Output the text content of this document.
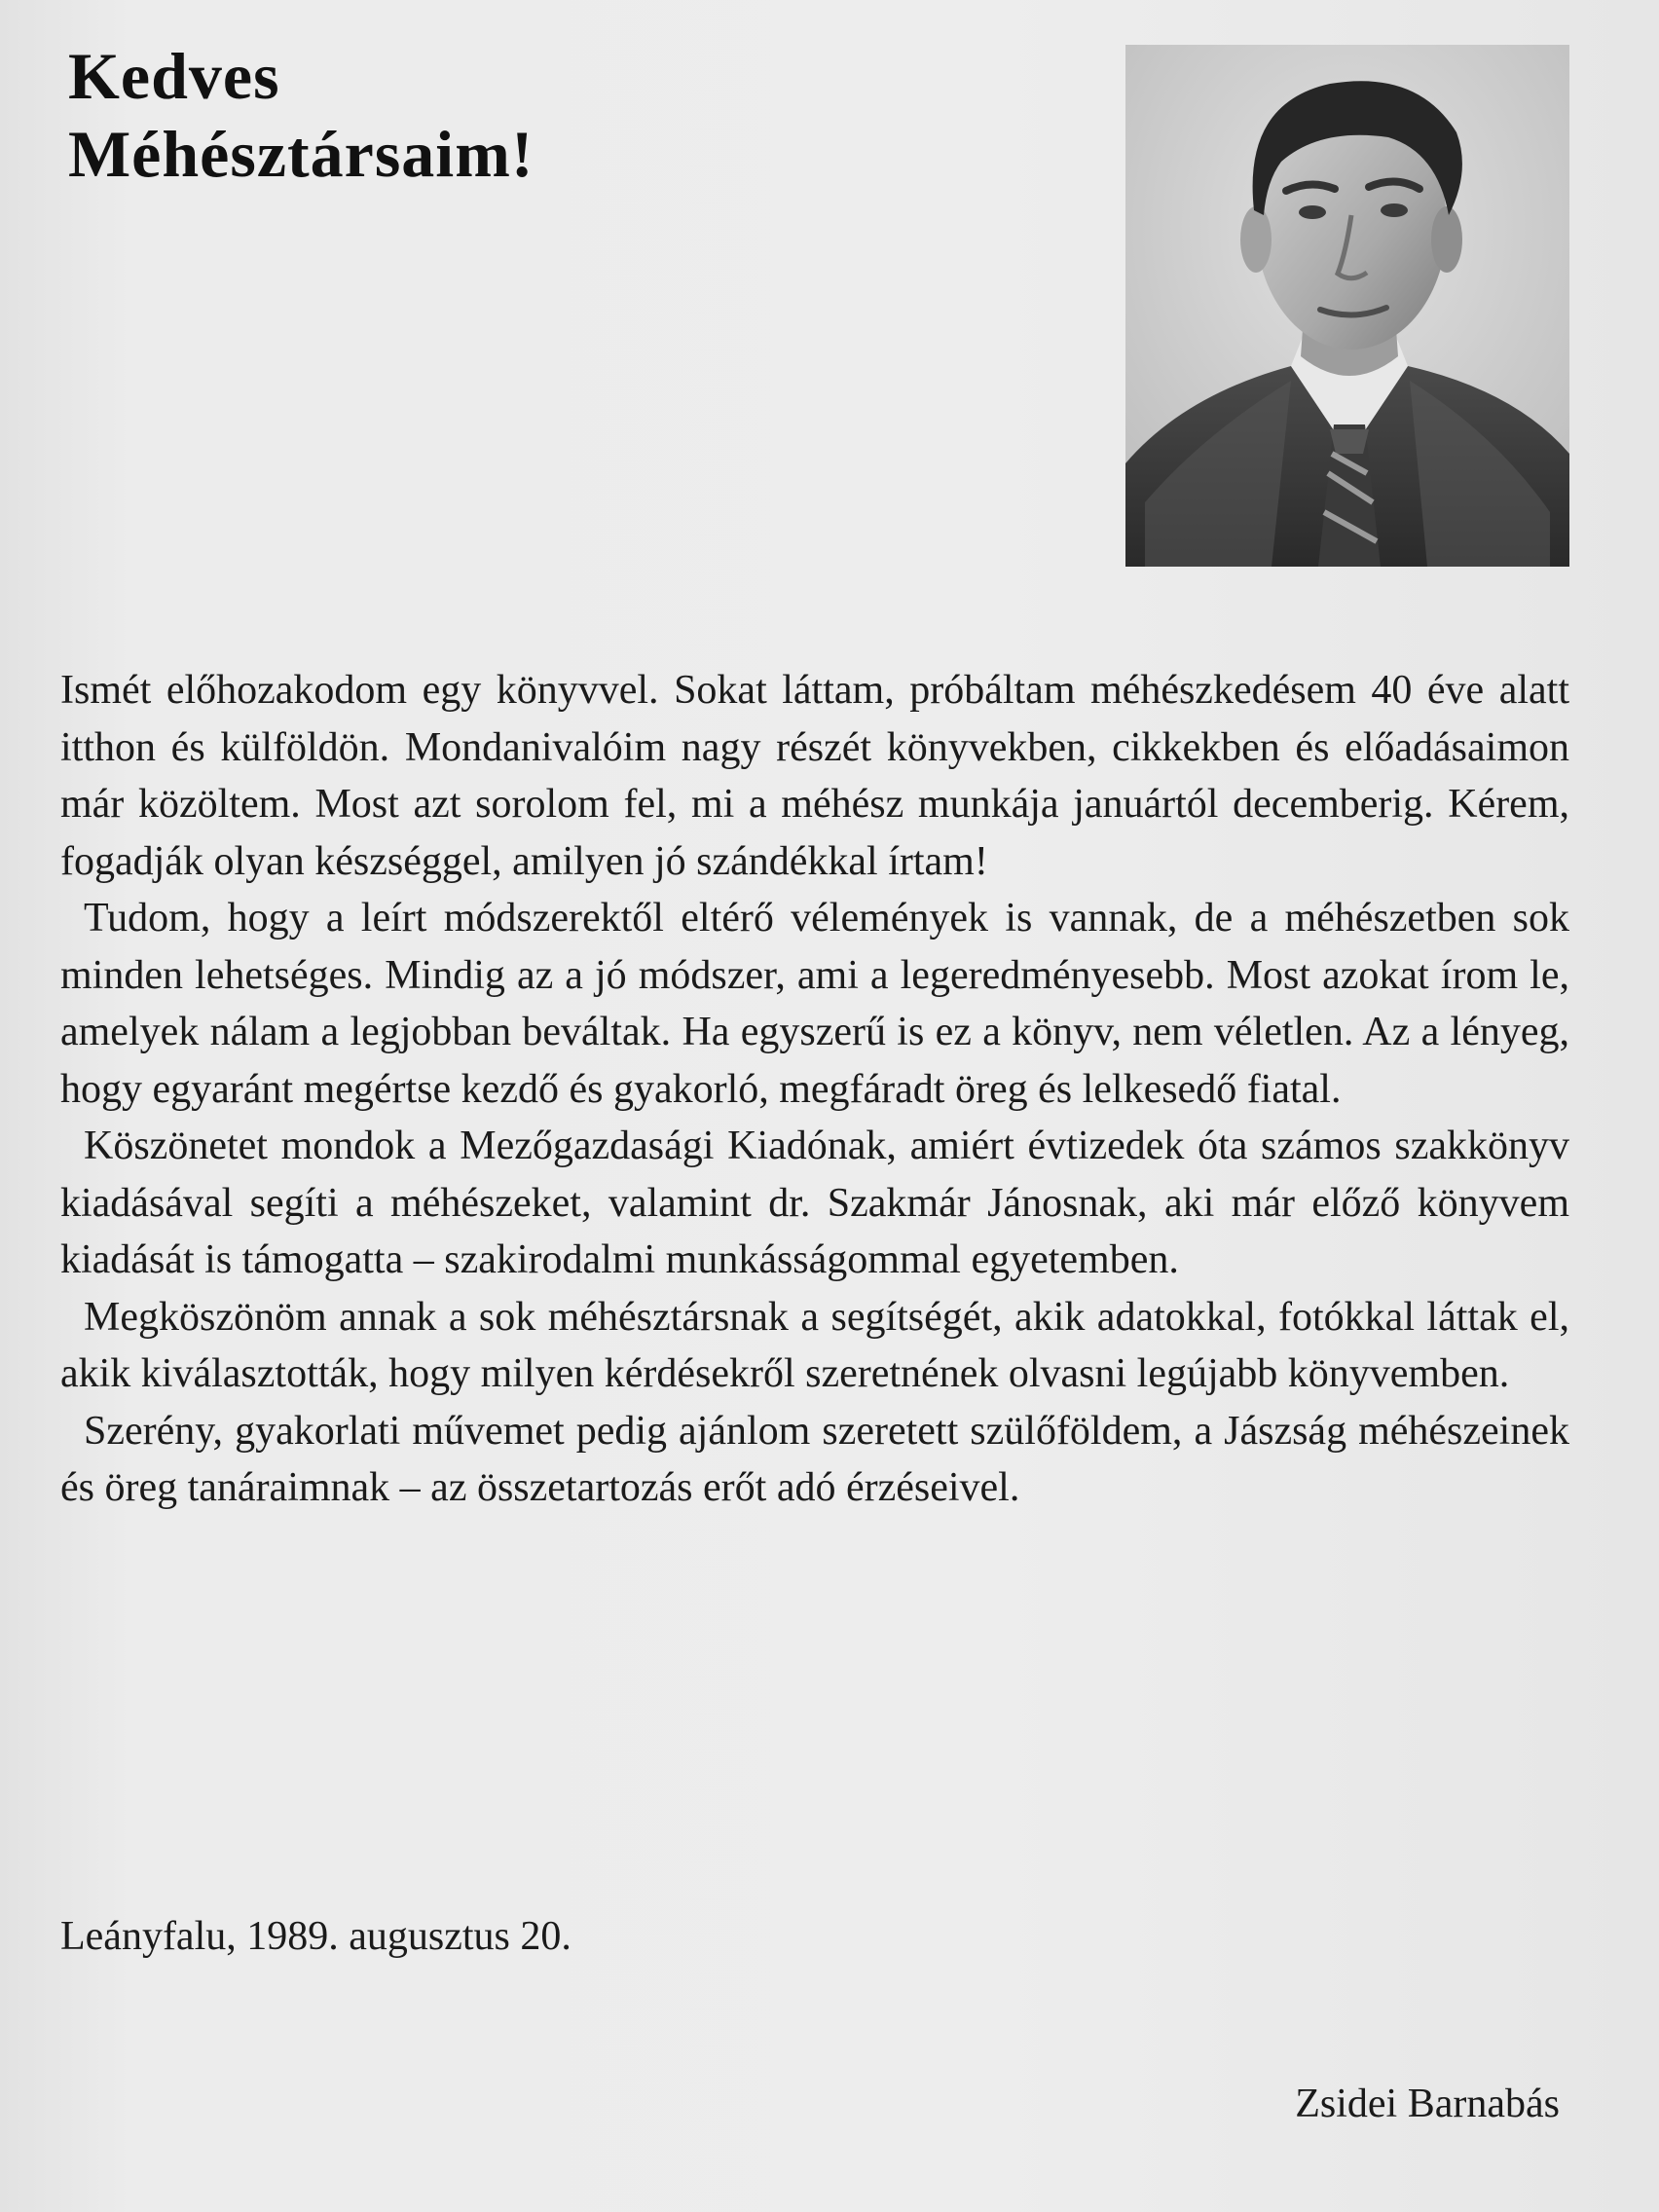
Kedves
Méhésztársaim!

Ismét előhozakodom egy könyvvel. Sokat láttam, próbáltam méhészkedésem 40 éve alatt itthon és külföldön. Mondanivalóim nagy részét könyvekben, cikkekben és előadásaimon már közöltem. Most azt sorolom fel, mi a méhész munkája januártól decemberig. Kérem, fogadják olyan készséggel, amilyen jó szándékkal írtam!

Tudom, hogy a leírt módszerektől eltérő vélemények is vannak, de a méhészetben sok minden lehetséges. Mindig az a jó módszer, ami a legeredményesebb. Most azokat írom le, amelyek nálam a legjobban beváltak. Ha egyszerű is ez a könyv, nem véletlen. Az a lényeg, hogy egyaránt megértse kezdő és gyakorló, megfáradt öreg és lelkesedő fiatal.

Köszönetet mondok a Mezőgazdasági Kiadónak, amiért évtizedek óta számos szakkönyv kiadásával segíti a méhészeket, valamint dr. Szakmár Jánosnak, aki már előző könyvem kiadását is támogatta – szakirodalmi munkásságommal egyetemben.

Megköszönöm annak a sok méhésztársnak a segítségét, akik adatokkal, fotókkal láttak el, akik kiválasztották, hogy milyen kérdésekről szeretnének olvasni legújabb könyvemben.

Szerény, gyakorlati művemet pedig ajánlom szeretett szülőföldem, a Jászság méhészeinek és öreg tanáraimnak – az összetartozás erőt adó érzéseivel.

Leányfalu, 1989. augusztus 20.
Zsidei Barnabás
